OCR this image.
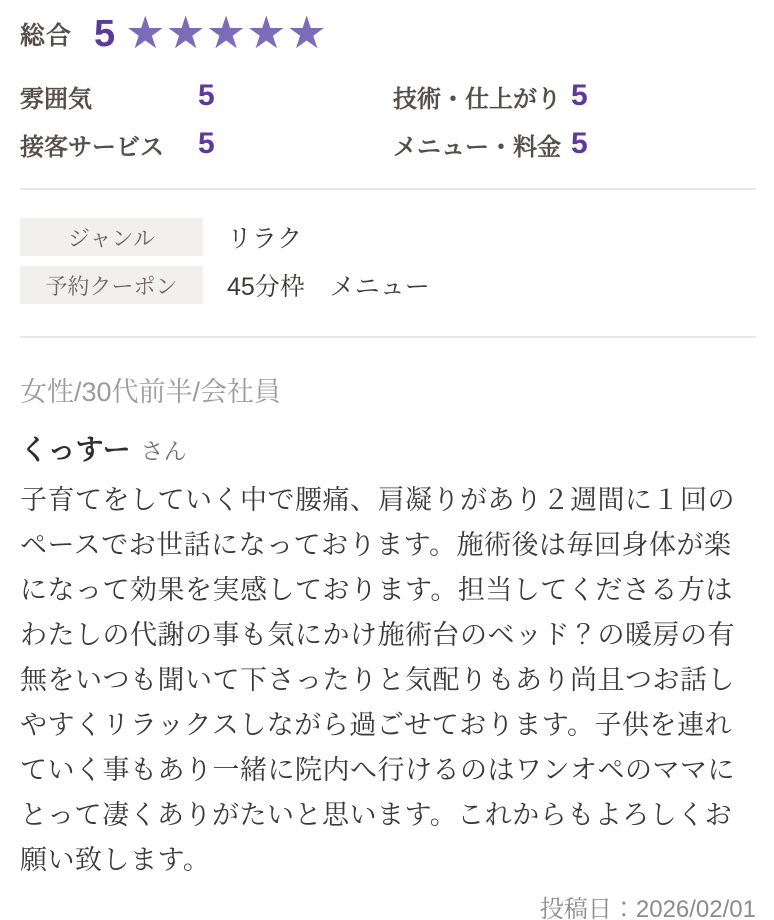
総合 5 ★★★★★
雰囲気	5	技術・仕上がり 5
接客サービス	5	メニュー・料金 5
ジャンル	リラク
予約クーポン	45分枠　メニュー

女性/30代前半/会社員

くっすー さん

子育てをしていく中で腰痛、肩凝りがあり２週間に１回のペースでお世話になっております。施術後は毎回身体が楽になって効果を実感しております。担当してくださる方は

わたしの代謝の事も気にかけ施術台のベッド？の暖房の有無をいつも聞いて下さったりと気配りもあり尚且つお話しやすくリラックスしながら過ごせております。子供を連れていく事もあり一緒に院内へ行けるのはワンオペのママにとって凄くありがたいと思います。これからもよろしくお願い致します。

投稿日：2026/02/01
